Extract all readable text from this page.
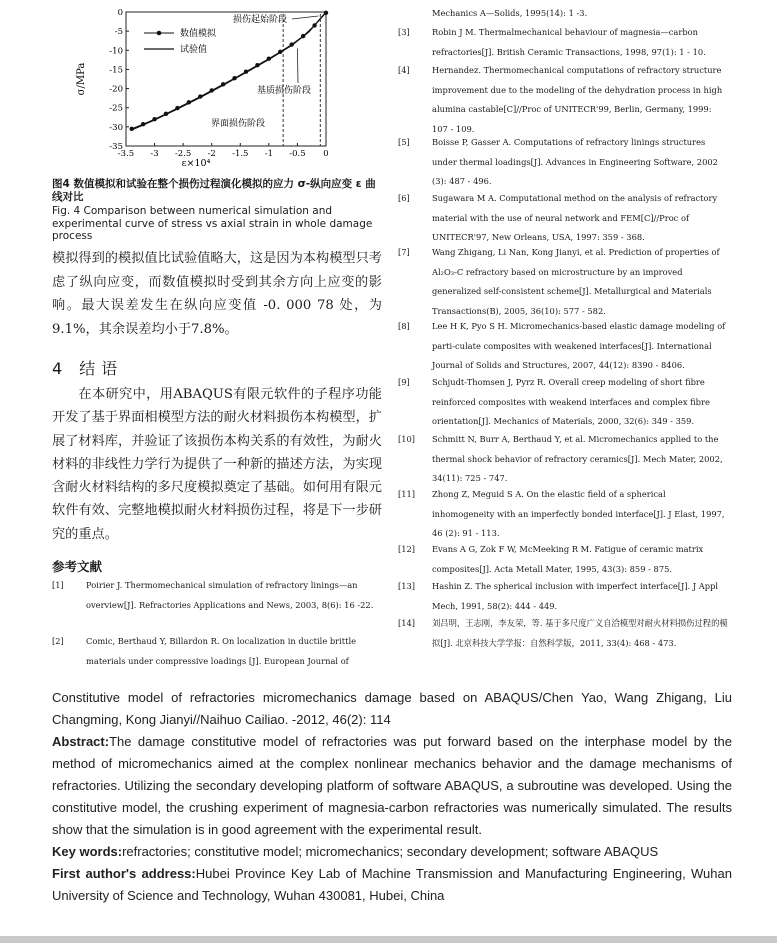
σ/MPa
ε×10⁴
-3.5 -3 -2.5 -2 -1.5 -1 -0.5 0
0
-5
-10
-15
-20
-25
-30
-35
损伤起始阶段
基质损伤阶段
界面损伤阶段
数值模拟
试验值
图4 数值模拟和试验在整个损伤过程演化模拟的应力 σ-纵向应变 ε 曲线对比
Fig. 4 Comparison between numerical simulation and experimental curve of stress vs axial strain in whole damage process

模拟得到的模拟值比试验值略大，这是因为本构模型只考虑了纵向应变，而数值模拟时受到其余方向上应变的影响。最大误差发生在纵向应变值 -0. 000 78 处，为9.1%，其余误差均小于7.8%。

4 结语

在本研究中，用ABAQUS有限元软件的子程序功能开发了基于界面相模型方法的耐火材料损伤本构模型，扩展了材料库，并验证了该损伤本构关系的有效性，为耐火材料的非线性力学行为提供了一种新的描述方法，为实现含耐火材料结构的多尺度模拟奠定了基础。如何用有限元软件有效、完整地模拟耐火材料损伤过程，将是下一步研究的重点。

参考文献
[1]	Poirier J. Thermomechanical simulation of refractory linings—an overview[J]. Refractories Applications and News, 2003, 8(6): 16 -22.
[2]	Comic, Berthaud Y, Billardon R. On localization in ductile brittle materials under compressive loadings [J]. European Journal of
Mechanics A—Solids, 1995(14): 1 -3.
[3]	Robin J M. Thermalmechanical behaviour of magnesia—carbon refractories[J]. British Ceramic Transactions, 1998, 97(1): 1 - 10.
[4]	Hernandez. Thermomechanical computations of refractory structure improvement due to the modeling of the dehydration process in high alumina castable[C]//Proc of UNITECR'99, Berlin, Germany, 1999: 107 - 109.
[5]	Boisse P, Gasser A. Computations of refractory linings structures under thermal loadings[J]. Advances in Engineering Software, 2002 (3): 487 - 496.
[6]	Sugawara M A. Computational method on the analysis of refractory material with the use of neural network and FEM[C]//Proc of UNITECR'97, New Orleans, USA, 1997: 359 - 368.
[7]	Wang Zhigang, Li Nan, Kong Jianyi, et al. Prediction of properties of Al₂O₃-C refractory based on microstructure by an improved generalized self-consistent scheme[J]. Metallurgical and Materials Transactions(B), 2005, 36(10): 577 - 582.
[8]	Lee H K, Pyo S H. Micromechanics-based elastic damage modeling of parti-culate composites with weakened interfaces[J]. International Journal of Solids and Structures, 2007, 44(12): 8390 - 8406.
[9]	Schjudt-Thomsen J, Pyrz R. Overall creep modeling of short fibre reinforced composites with weakend interfaces and complex fibre orientation[J]. Mechanics of Materials, 2000, 32(6): 349 - 359.
[10] Schmitt N, Burr A, Berthaud Y, et al. Micromechanics applied to the thermal shock behavior of refractory ceramics[J]. Mech Mater, 2002, 34(11): 725 - 747.
[11] Zhong Z, Meguid S A. On the elastic field of a spherical inhomogeneity with an imperfectly bonded interface[J]. J Elast, 1997, 46 (2): 91 - 113.
[12] Evans A G, Zok F W, McMeeking R M. Fatigue of ceramic matrix composites[J]. Acta Metall Mater, 1995, 43(3): 859 - 875.
[13] Hashin Z. The spherical inclusion with imperfect interface[J]. J Appl Mech, 1991, 58(2): 444 - 449.
[14] 刘吕明，王志刚，李友荣，等. 基于多尺度广义自洽模型对耐火材料损伤过程的模拟[J]. 北京科技大学学报：自然科学版，2011, 33(4): 468 - 473.

Constitutive model of refractories micromechanics damage based on ABAQUS/Chen Yao, Wang Zhigang, Liu Changming, Kong Jianyi//Naihuo Cailiao. -2012, 46(2): 114

Abstract:The damage constitutive model of refractories was put forward based on the interphase model by the method of micromechanics aimed at the complex nonlinear mechanics behavior and the damage mechanisms of refractories. Utilizing the secondary developing platform of software ABAQUS, a subroutine was developed. Using the constitutive model, the crushing experiment of magnesia-carbon refractories was numerically simulated. The results show that the simulation is in good agreement with the experimental result.

Key words:refractories; constitutive model; micromechanics; secondary development; software ABAQUS

First author's address:Hubei Province Key Lab of Machine Transmission and Manufacturing Engineering, Wuhan University of Science and Technology, Wuhan 430081, Hubei, China
